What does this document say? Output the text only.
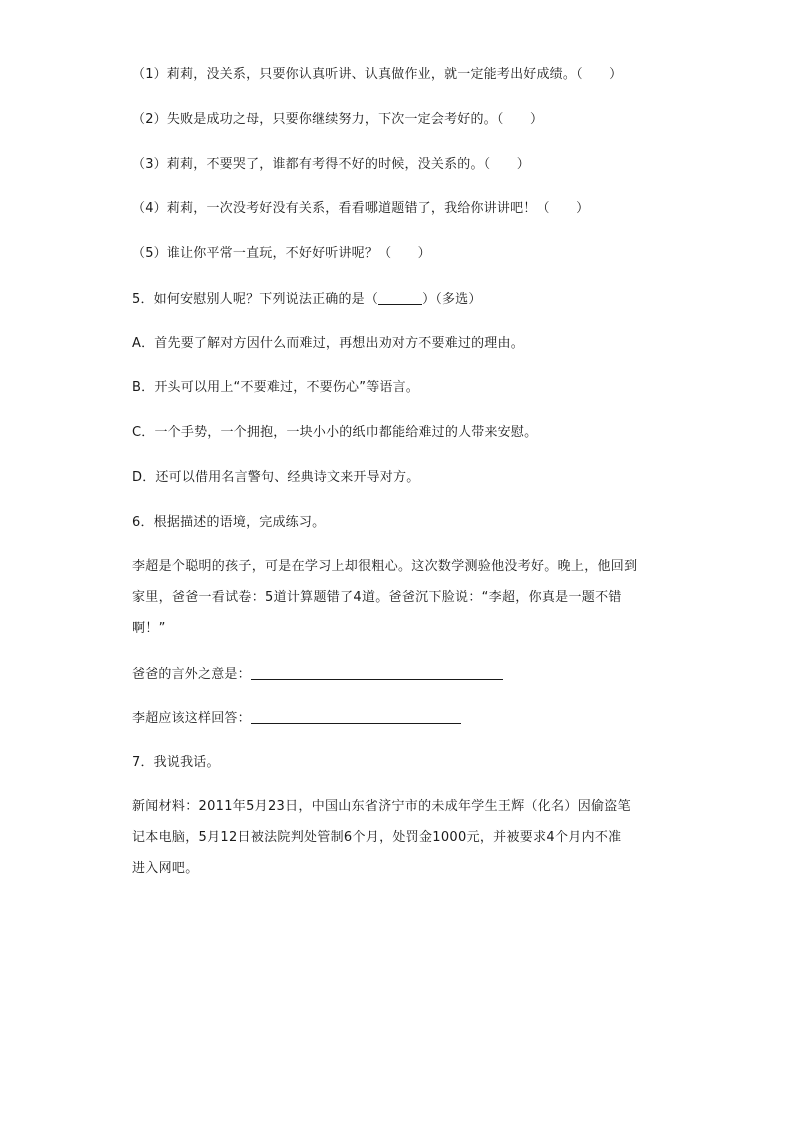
（1）莉莉，没关系，只要你认真听讲、认真做作业，就一定能考出好成绩。（　　）
（2）失败是成功之母，只要你继续努力，下次一定会考好的。（　　）
（3）莉莉，不要哭了，谁都有考得不好的时候，没关系的。（　　）
（4）莉莉，一次没考好没有关系，看看哪道题错了，我给你讲讲吧！（　　）
（5）谁让你平常一直玩，不好好听讲呢？（　　）
5．如何安慰别人呢？下列说法正确的是（	）（多选）
A．首先要了解对方因什么而难过，再想出劝对方不要难过的理由。
B．开头可以用上“不要难过，不要伤心”等语言。
C．一个手势，一个拥抱，一块小小的纸巾都能给难过的人带来安慰。
D．还可以借用名言警句、经典诗文来开导对方。
6．根据描述的语境，完成练习。
李超是个聪明的孩子，可是在学习上却很粗心。这次数学测验他没考好。晚上，他回到
家里，爸爸一看试卷：5道计算题错了4道。爸爸沉下脸说：“李超，你真是一题不错
啊！”
爸爸的言外之意是：
李超应该这样回答：
7．我说我话。
新闻材料：2011年5月23日，中国山东省济宁市的未成年学生王辉（化名）因偷盗笔
记本电脑，5月12日被法院判处管制6个月，处罚金1000元，并被要求4个月内不准
进入网吧。
